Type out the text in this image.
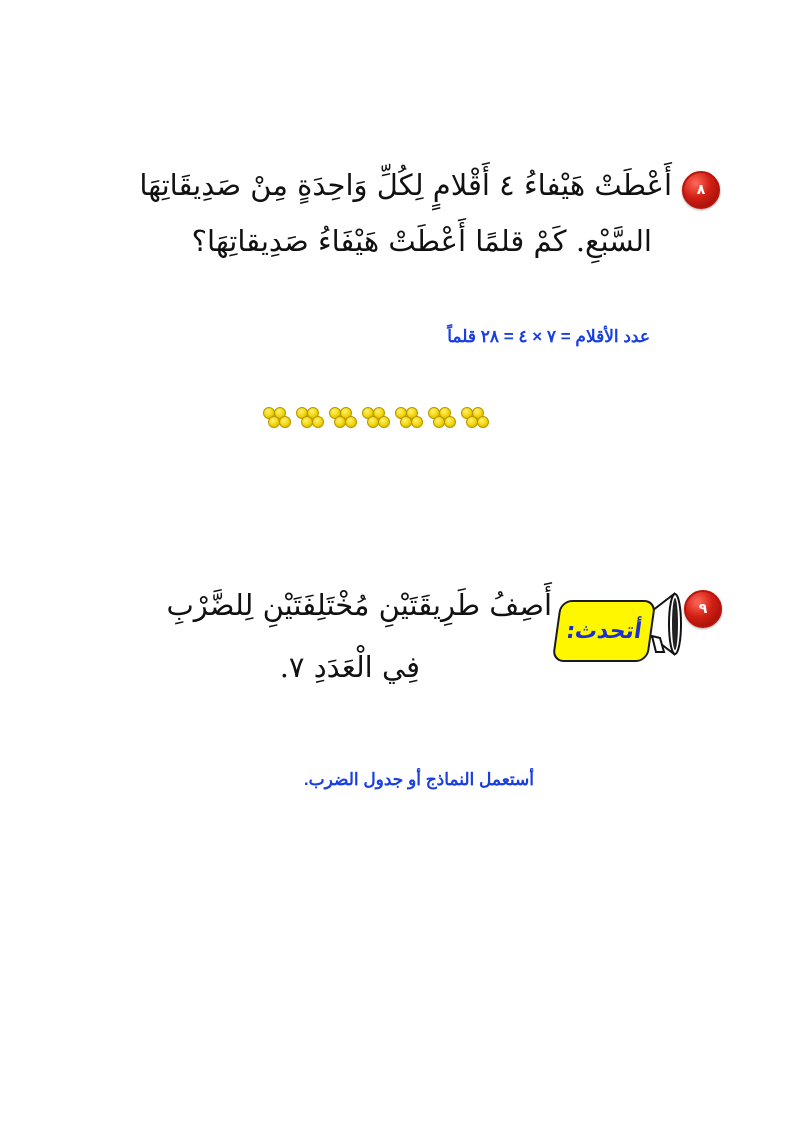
٨
أَعْطَتْ هَيْفاءُ ٤ أَقْلامٍ لِكُلِّ وَاحِدَةٍ مِنْ صَدِيقَاتِهَا
السَّبْعِ. كَمْ قلمًا أَعْطَتْ هَيْفَاءُ صَدِيقاتِهَا؟
عدد الأقلام = ٧ × ٤ = ٢٨ قلماً
٩
أتحدث:
أَصِفُ طَرِيقَتَيْنِ مُخْتَلِفَتَيْنِ لِلضَّرْبِ
فِي الْعَدَدِ ٧.
أستعمل النماذج أو جدول الضرب.
